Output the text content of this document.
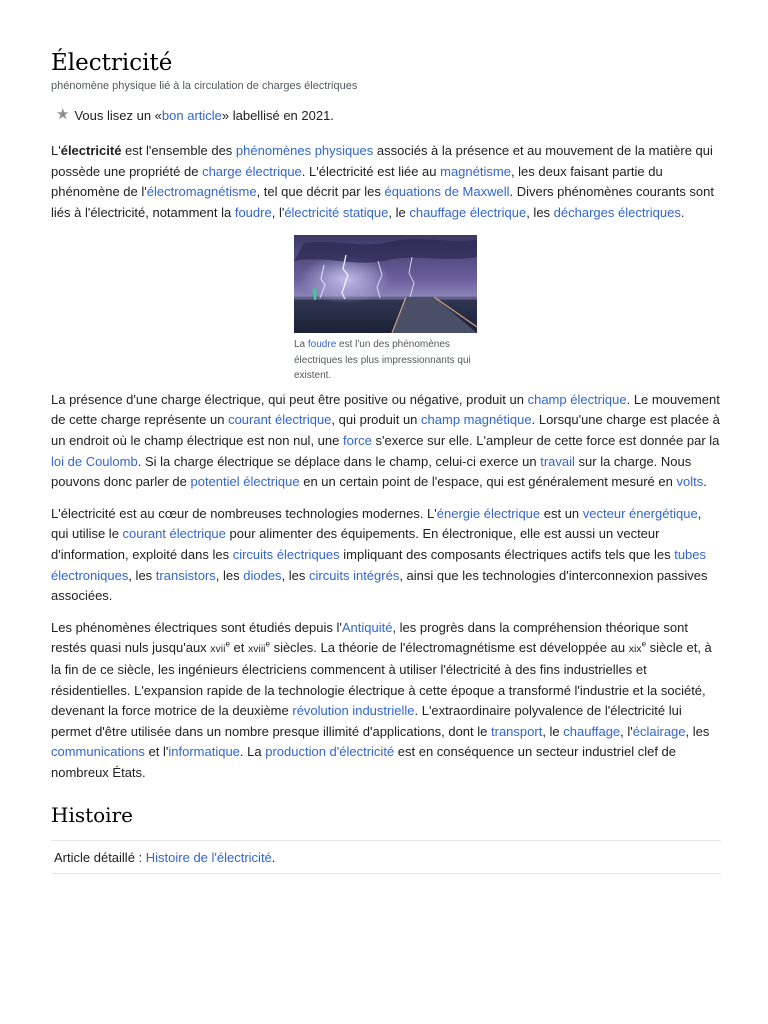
Électricité
phénomène physique lié à la circulation de charges électriques
★ Vous lisez un « bon article » labellisé en 2021.

L'électricité est l'ensemble des phénomènes physiques associés à la présence et au mouvement de la matière qui possède une propriété de charge électrique. L'électricité est liée au magnétisme, les deux faisant partie du phénomène de l'électromagnétisme, tel que décrit par les équations de Maxwell. Divers phénomènes courants sont liés à l'électricité, notamment la foudre, l'électricité statique, le chauffage électrique, les décharges électriques.

La foudre est l'un des phénomènes électriques les plus impressionnants qui existent.

La présence d'une charge électrique, qui peut être positive ou négative, produit un champ électrique. Le mouvement de cette charge représente un courant électrique, qui produit un champ magnétique. Lorsqu'une charge est placée à un endroit où le champ électrique est non nul, une force s'exerce sur elle. L'ampleur de cette force est donnée par la loi de Coulomb. Si la charge électrique se déplace dans le champ, celui-ci exerce un travail sur la charge. Nous pouvons donc parler de potentiel électrique en un certain point de l'espace, qui est généralement mesuré en volts.

L'électricité est au cœur de nombreuses technologies modernes. L'énergie électrique est un vecteur énergétique, qui utilise le courant électrique pour alimenter des équipements. En électronique, elle est aussi un vecteur d'information, exploité dans les circuits électriques impliquant des composants électriques actifs tels que les tubes électroniques, les transistors, les diodes, les circuits intégrés, ainsi que les technologies d'interconnexion passives associées.

Les phénomènes électriques sont étudiés depuis l'Antiquité, les progrès dans la compréhension théorique sont restés quasi nuls jusqu'aux xvii$^e$ et xviii$^e$ siècles. La théorie de l'électromagnétisme est développée au xix$^e$ siècle et, à la fin de ce siècle, les ingénieurs électriciens commencent à utiliser l'électricité à des fins industrielles et résidentielles. L'expansion rapide de la technologie électrique à cette époque a transformé l'industrie et la société, devenant la force motrice de la deuxième révolution industrielle. L'extraordinaire polyvalence de l'électricité lui permet d'être utilisée dans un nombre presque illimité d'applications, dont le transport, le chauffage, l'éclairage, les communications et l'informatique. La production d'électricité est en conséquence un secteur industriel clef de nombreux États.

Histoire
Article détaillé : Histoire de l'électricité.
